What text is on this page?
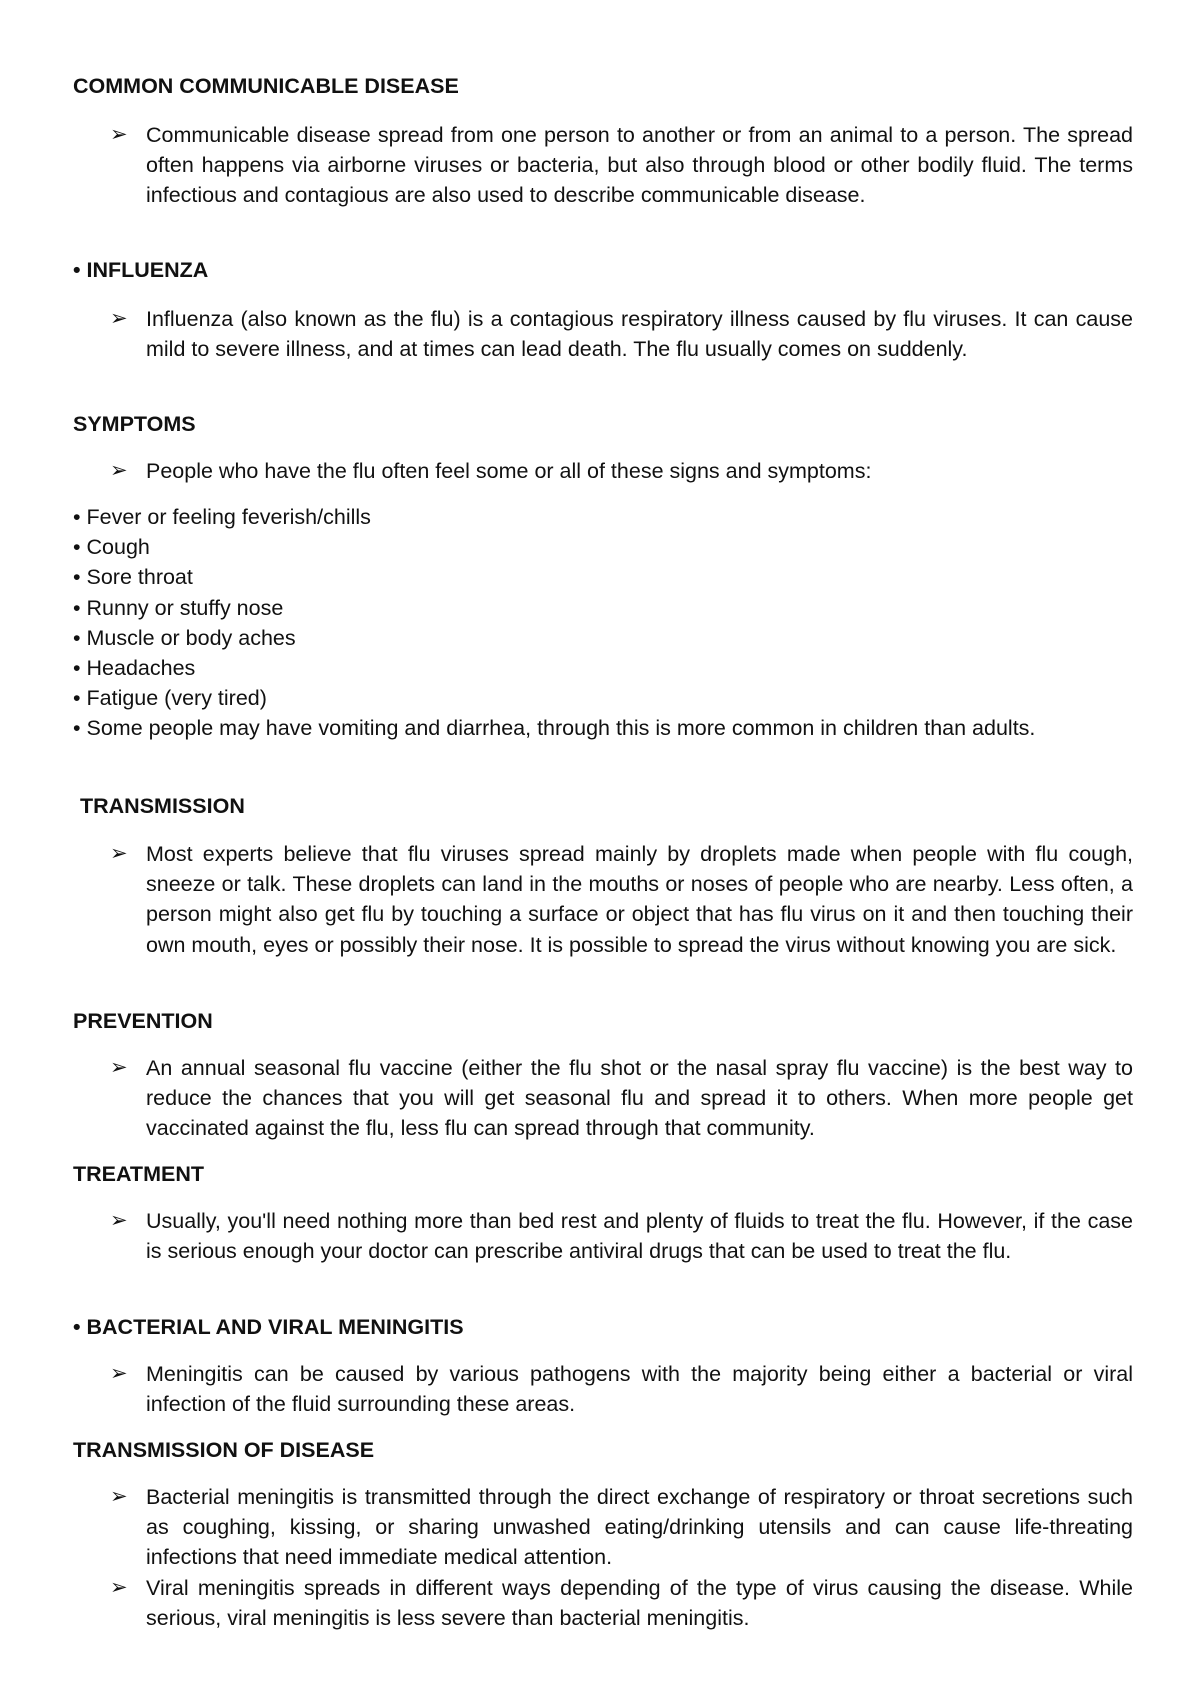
COMMON COMMUNICABLE DISEASE
➢ Communicable disease spread from one person to another or from an animal to a person. The spread often happens via airborne viruses or bacteria, but also through blood or other bodily fluid. The terms infectious and contagious are also used to describe communicable disease.
• INFLUENZA
➢ Influenza (also known as the flu) is a contagious respiratory illness caused by flu viruses. It can cause mild to severe illness, and at times can lead death. The flu usually comes on suddenly.
SYMPTOMS
➢ People who have the flu often feel some or all of these signs and symptoms:
• Fever or feeling feverish/chills
• Cough
• Sore throat
• Runny or stuffy nose
• Muscle or body aches
• Headaches
• Fatigue (very tired)
• Some people may have vomiting and diarrhea, through this is more common in children than adults.
TRANSMISSION
➢ Most experts believe that flu viruses spread mainly by droplets made when people with flu cough, sneeze or talk. These droplets can land in the mouths or noses of people who are nearby. Less often, a person might also get flu by touching a surface or object that has flu virus on it and then touching their own mouth, eyes or possibly their nose. It is possible to spread the virus without knowing you are sick.
PREVENTION
➢ An annual seasonal flu vaccine (either the flu shot or the nasal spray flu vaccine) is the best way to reduce the chances that you will get seasonal flu and spread it to others. When more people get vaccinated against the flu, less flu can spread through that community.
TREATMENT
➢ Usually, you'll need nothing more than bed rest and plenty of fluids to treat the flu. However, if the case is serious enough your doctor can prescribe antiviral drugs that can be used to treat the flu.
• BACTERIAL AND VIRAL MENINGITIS
➢ Meningitis can be caused by various pathogens with the majority being either a bacterial or viral infection of the fluid surrounding these areas.
TRANSMISSION OF DISEASE
➢ Bacterial meningitis is transmitted through the direct exchange of respiratory or throat secretions such as coughing, kissing, or sharing unwashed eating/drinking utensils and can cause life-threating infections that need immediate medical attention.
➢ Viral meningitis spreads in different ways depending of the type of virus causing the disease. While serious, viral meningitis is less severe than bacterial meningitis.
